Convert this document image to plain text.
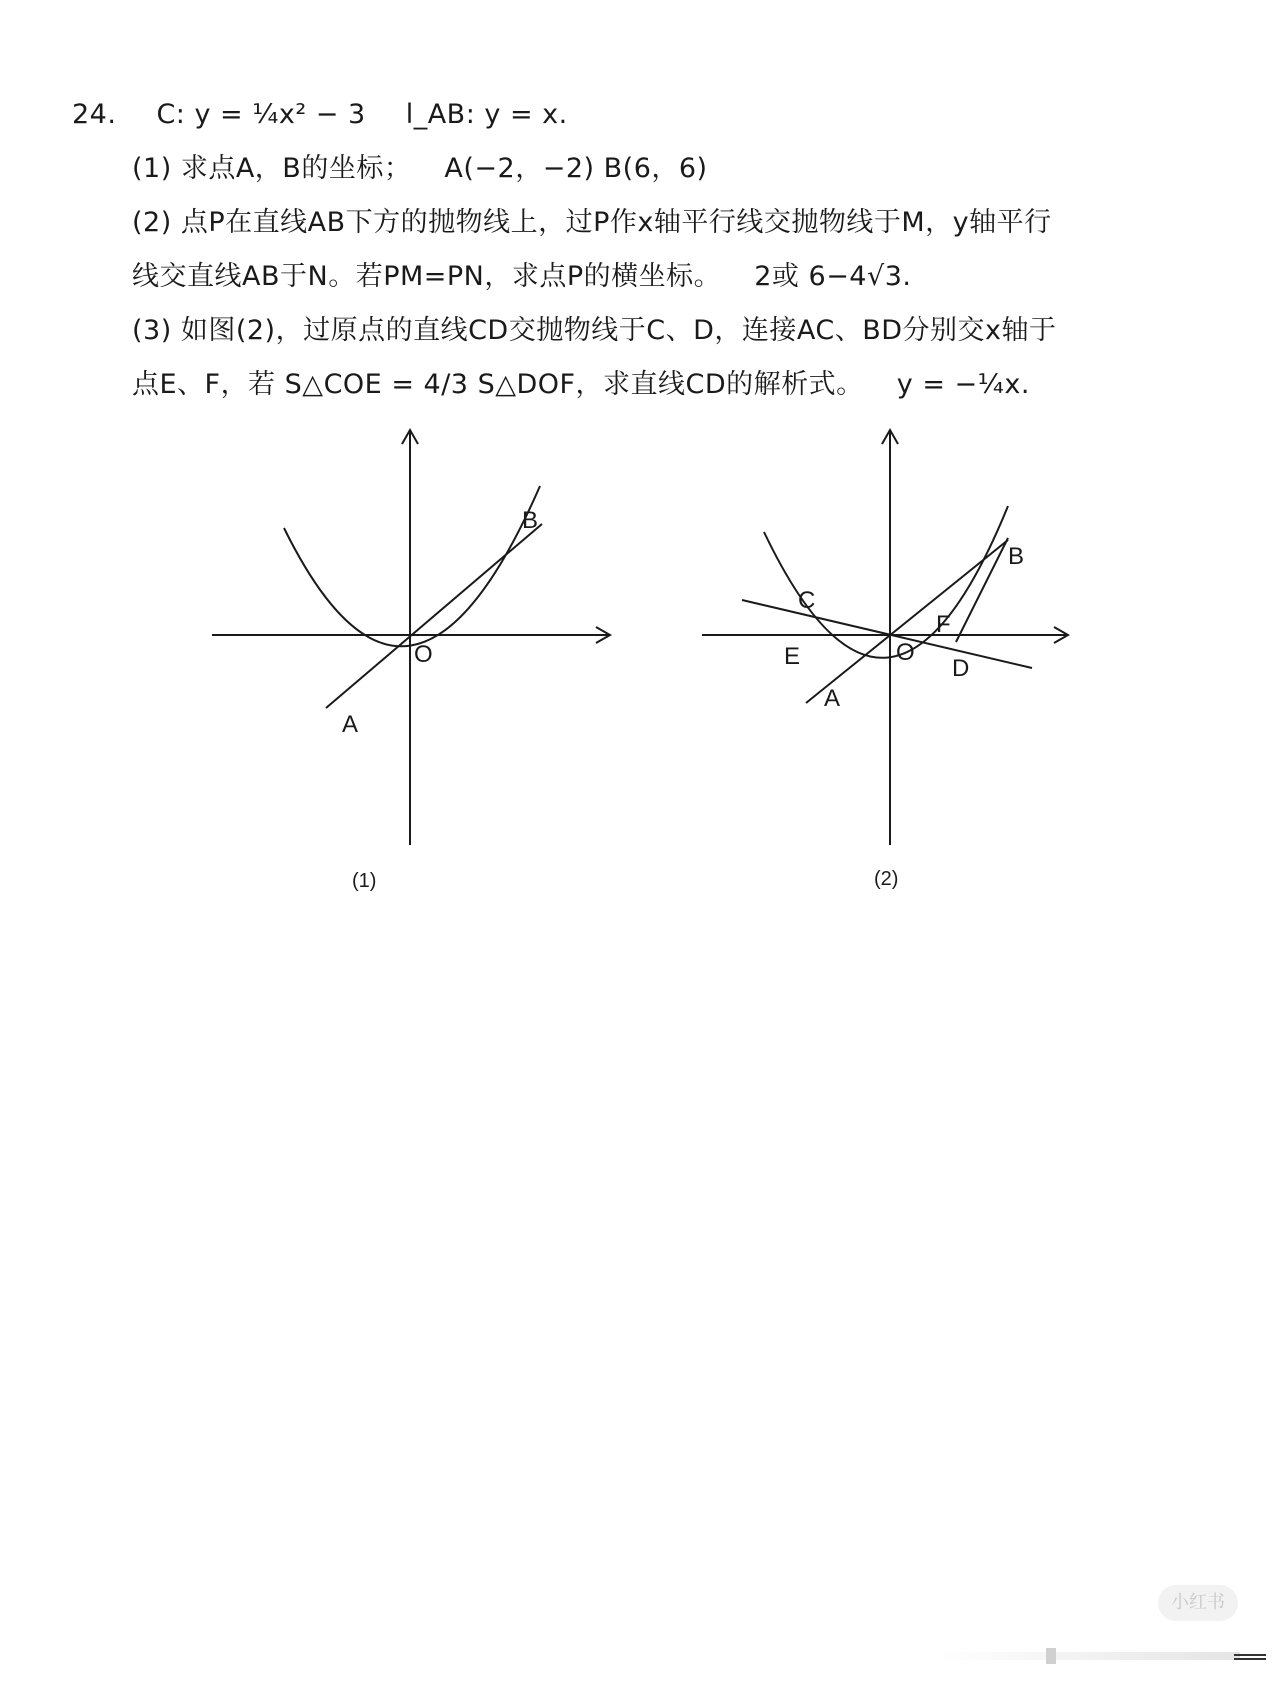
24. C: y = ¼x² − 3 l_AB: y = x.
(1) 求点A，B的坐标； A(−2，−2) B(6，6)
(2) 点P在直线AB下方的抛物线上，过P作x轴平行线交抛物线于M，y轴平行
线交直线AB于N。若PM=PN，求点P的横坐标。 2或 6−4√3.
(3) 如图(2)，过原点的直线CD交抛物线于C、D，连接AC、BD分别交x轴于
点E、F，若 S△COE = 4/3 S△DOF，求直线CD的解析式。 y = −¼x.
B
O
A
(1)
B
C
F
E	O
D
A
(2)
小红书
